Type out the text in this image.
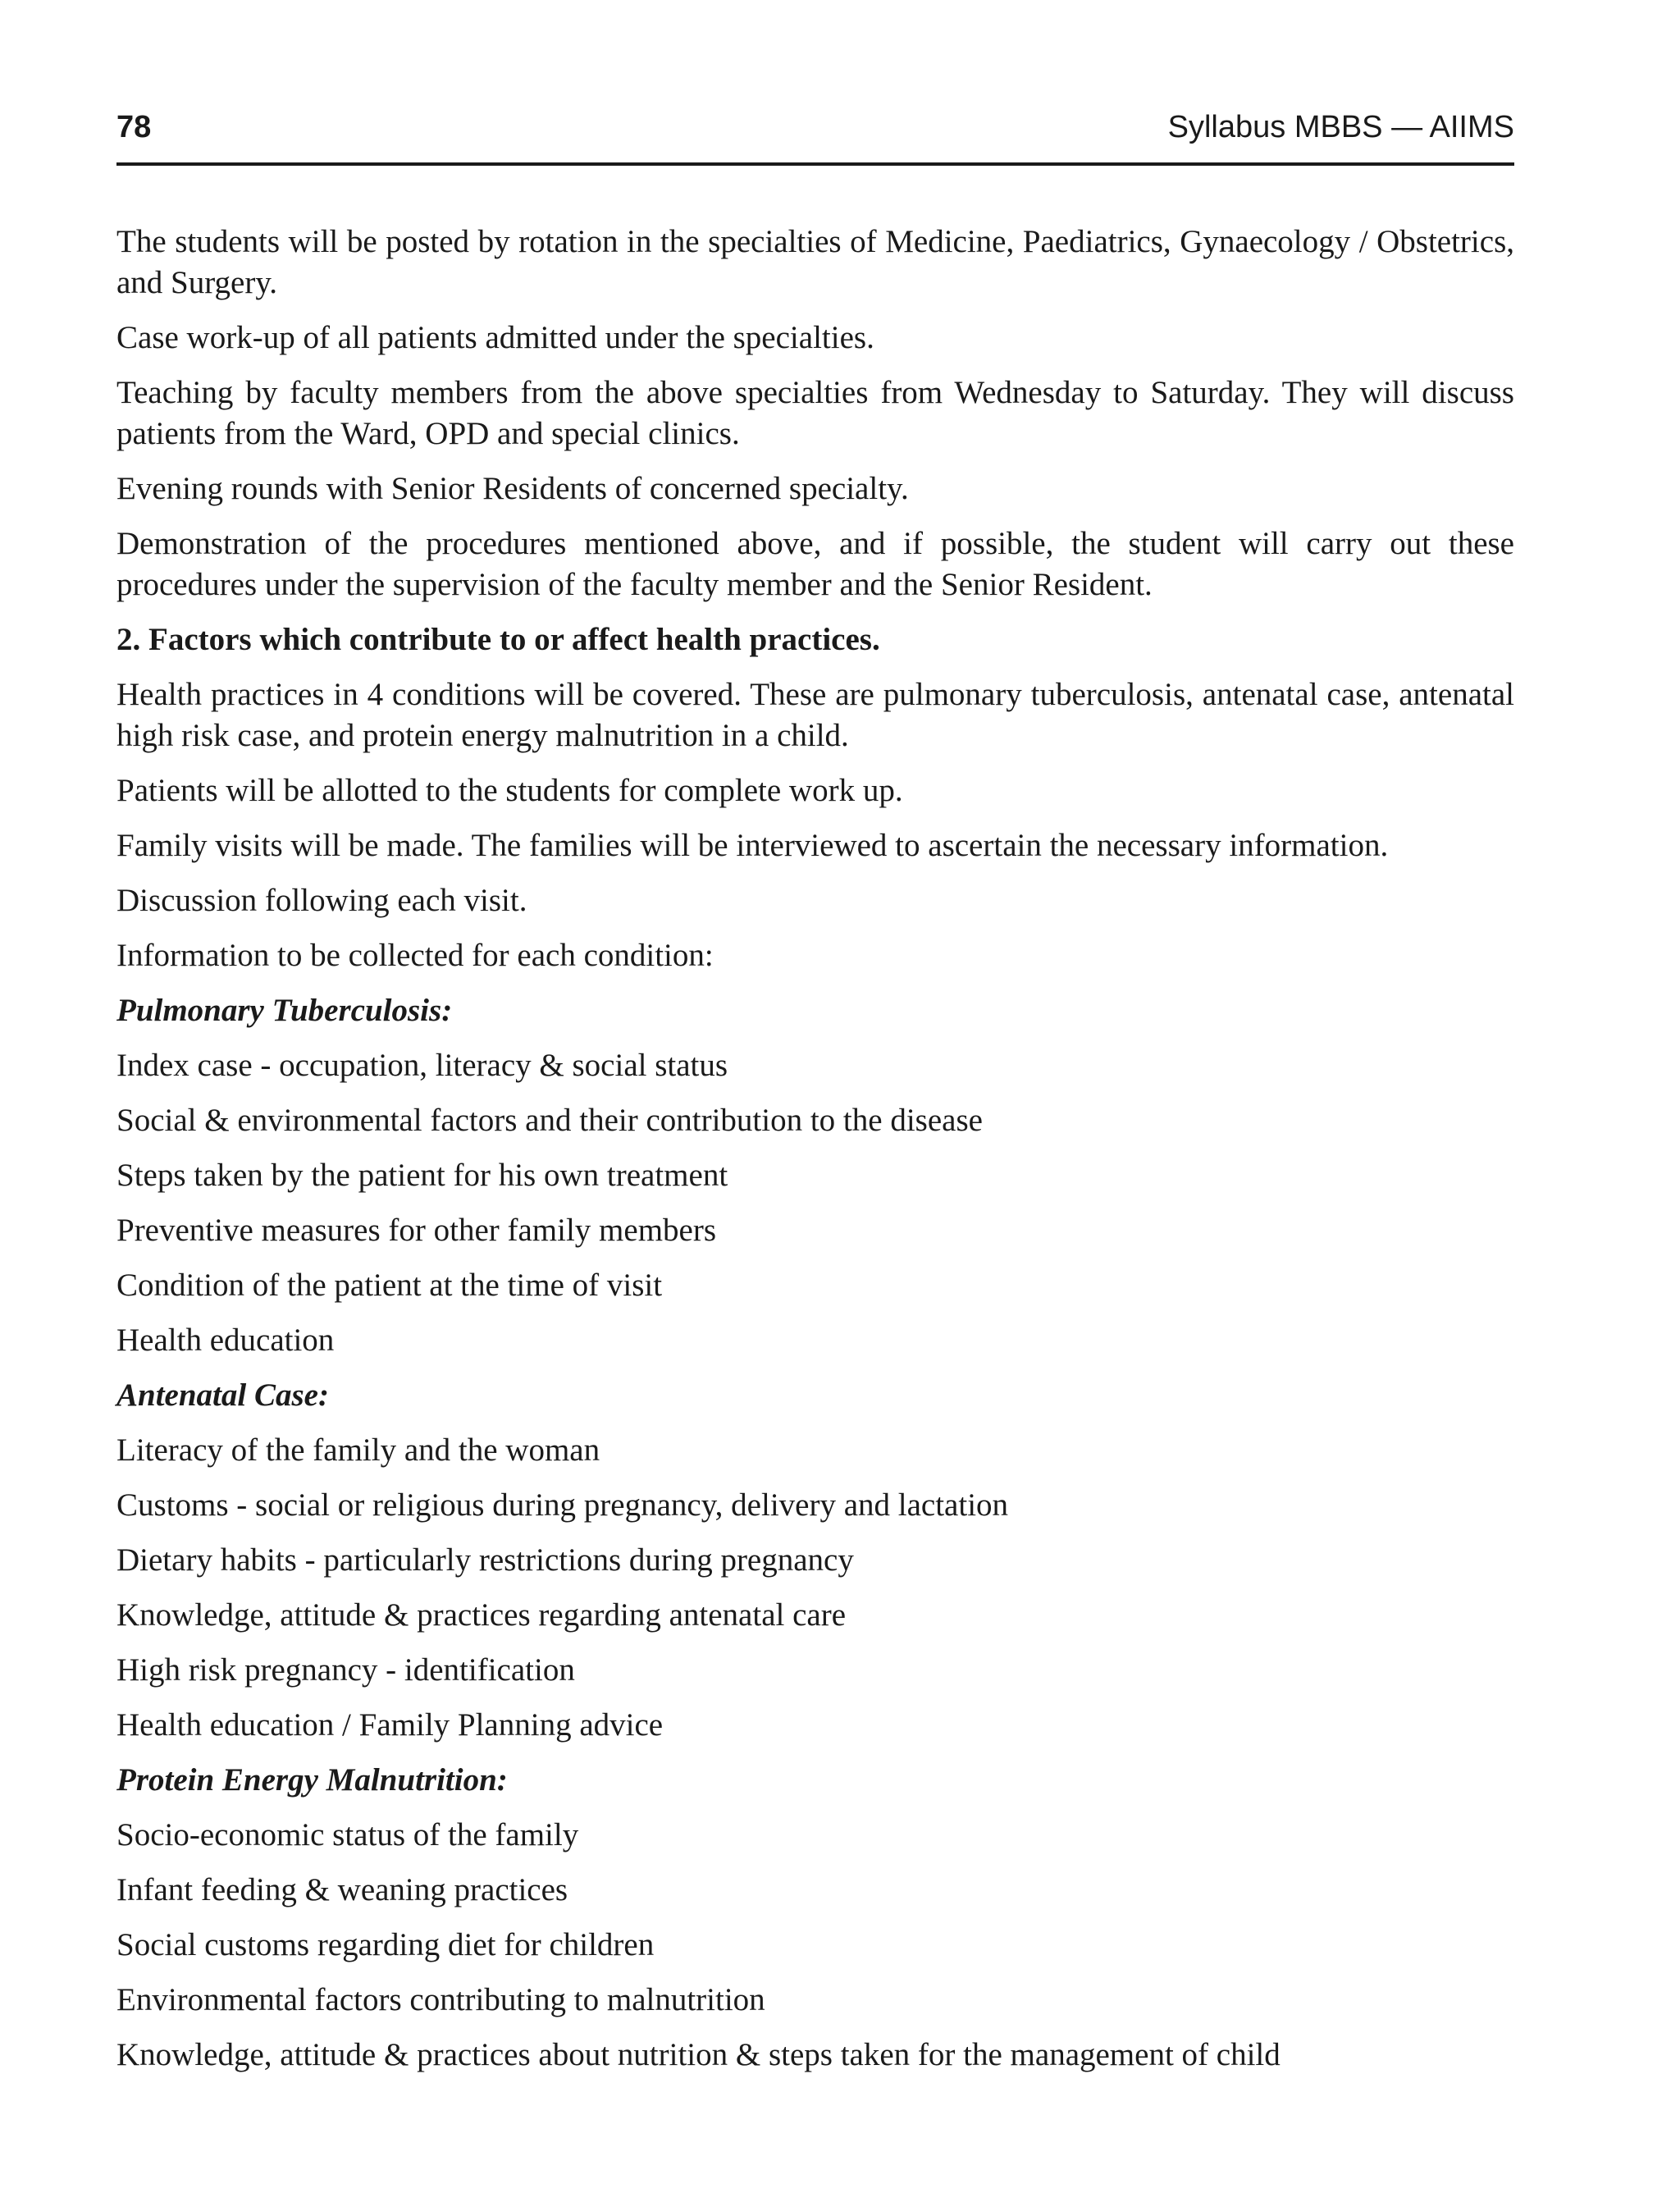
78	Syllabus MBBS — AIIMS

The students will be posted by rotation in the specialties of Medicine, Paediatrics, Gynaecology / Obstetrics, and Surgery.

Case work-up of all patients admitted under the specialties.

Teaching by faculty members from the above specialties from Wednesday to Saturday. They will discuss patients from the Ward, OPD and special clinics.

Evening rounds with Senior Residents of concerned specialty.

Demonstration of the procedures mentioned above, and if possible, the student will carry out these procedures under the supervision of the faculty member and the Senior Resident.

2. Factors which contribute to or affect health practices.

Health practices in 4 conditions will be covered. These are pulmonary tuberculosis, antenatal case, antenatal high risk case, and protein energy malnutrition in a child.

Patients will be allotted to the students for complete work up.

Family visits will be made. The families will be interviewed to ascertain the necessary information.

Discussion following each visit.

Information to be collected for each condition:

Pulmonary Tuberculosis:

Index case - occupation, literacy & social status

Social & environmental factors and their contribution to the disease

Steps taken by the patient for his own treatment

Preventive measures for other family members

Condition of the patient at the time of visit

Health education

Antenatal Case:

Literacy of the family and the woman

Customs - social or religious during pregnancy, delivery and lactation

Dietary habits - particularly restrictions during pregnancy

Knowledge, attitude & practices regarding antenatal care

High risk pregnancy - identification

Health education / Family Planning advice

Protein Energy Malnutrition:

Socio-economic status of the family

Infant feeding & weaning practices

Social customs regarding diet for children

Environmental factors contributing to malnutrition

Knowledge, attitude & practices about nutrition & steps taken for the management of child
